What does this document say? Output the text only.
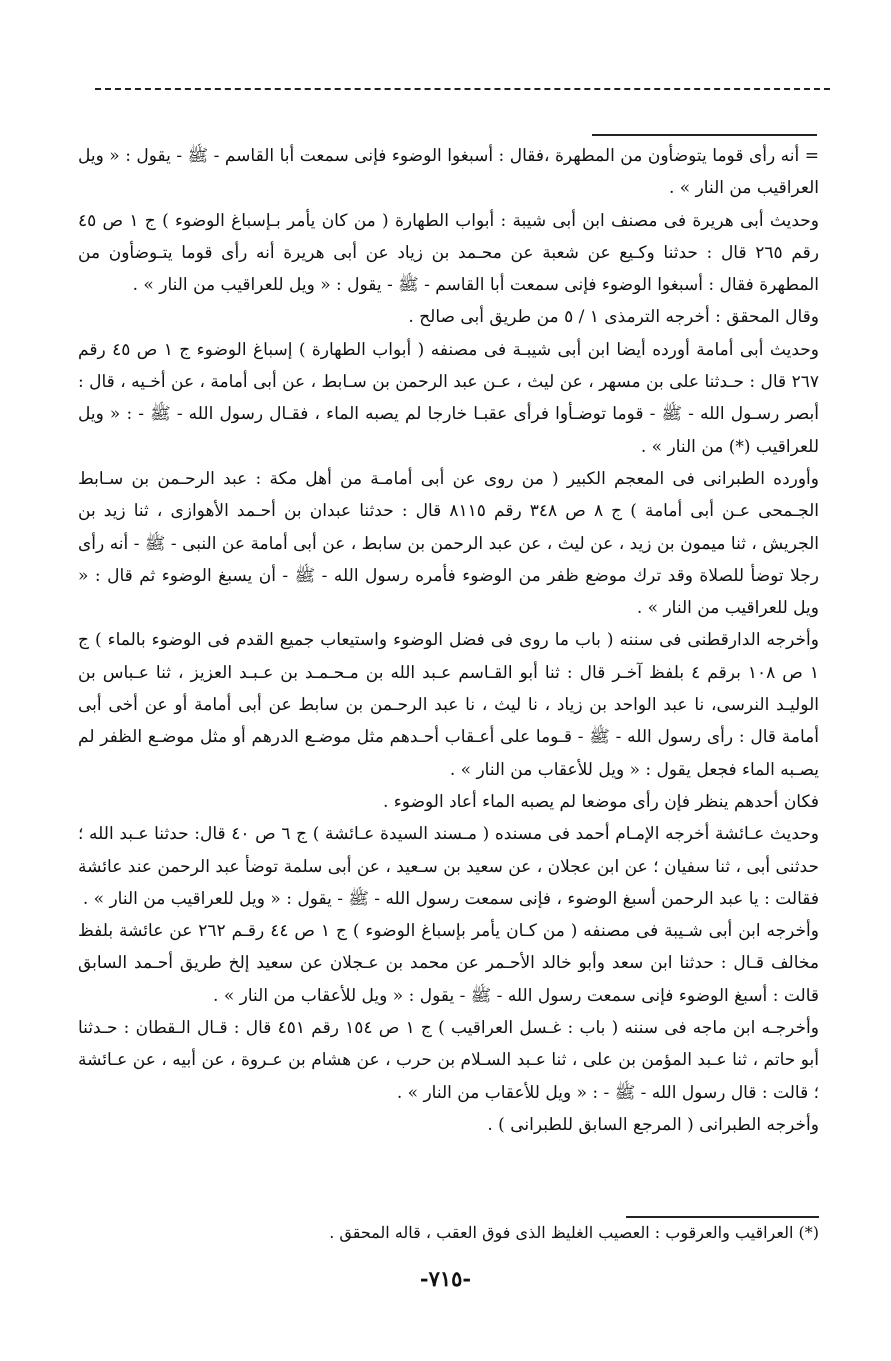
= أنه رأى قوما يتوضأون من المطهرة ،فقال : أسبغوا الوضوء فإنى سمعت أبا القاسم - ﷺ - يقول : « ويل العراقيب من النار » .

وحديث أبى هريرة فى مصنف ابن أبى شيبة : أبواب الطهارة ( من كان يأمر بـإسباغ الوضوء ) ج ١ ص ٤٥ رقم ٢٦٥ قال : حدثنا وكـيع عن شعبة عن محـمد بن زياد عن أبى هريرة أنه رأى قوما يتـوضأون من المطهرة فقال : أسبغوا الوضوء فإنى سمعت أبا القاسم - ﷺ - يقول : « ويل للعراقيب من النار » .

وقال المحقق : أخرجه الترمذى ١ / ٥ من طريق أبى صالح .

وحديث أبى أمامة أورده أيضا ابن أبى شيبـة فى مصنفه ( أبواب الطهارة ) إسباغ الوضوء ج ١ ص ٤٥ رقم ٢٦٧ قال : حـدثنا على بن مسهر ، عن ليث ، عـن عبد الرحمن بن سـابط ، عن أبى أمامة ، عن أخـيه ، قال : أبصر رسـول الله - ﷺ - قوما توضـأوا فرأى عقبـا خارجا لم يصبه الماء ، فقـال رسول الله - ﷺ - : « ويل للعراقيب (*) من النار » .

وأورده الطبرانى فى المعجم الكبير ( من روى عن أبى أمامـة من أهل مكة : عبد الرحـمن بن سـابط الجـمحى عـن أبى أمامة ) ج ٨ ص ٣٤٨ رقم ٨١١٥ قال : حدثنا عبدان بن أحـمد الأهوازى ، ثنا زيد بن الجريش ، ثنا ميمون بن زيد ، عن ليث ، عن عبد الرحمن بن سابط ، عن أبى أمامة عن النبى - ﷺ - أنه رأى رجلا توضأ للصلاة وقد ترك موضع ظفر من الوضوء فأمره رسول الله - ﷺ - أن يسبغ الوضوء ثم قال : « ويل للعراقيب من النار » .

وأخرجه الدارقطنى فى سننه ( باب ما روى فى فضل الوضوء واستيعاب جميع القدم فى الوضوء بالماء ) ج ١ ص ١٠٨ برقم ٤ بلفظ آخـر قال : ثنا أبو القـاسم عـبد الله بن مـحـمـد بن عـبـد العزيز ، ثنا عـباس بن الوليـد النرسى، نا عبد الواحد بن زياد ، نا ليث ، نا عبد الرحـمن بن سابط عن أبى أمامة أو عن أخى أبى أمامة قال : رأى رسول الله - ﷺ - قـوما على أعـقاب أحـدهم مثل موضـع الدرهم أو مثل موضـع الظفر لم يصـبه الماء فجعل يقول : « ويل للأعقاب من النار » .

فكان أحدهم ينظر فإن رأى موضعا لم يصبه الماء أعاد الوضوء .

وحديث عـائشة أخرجه الإمـام أحمد فى مسنده ( مـسند السيدة عـائشة ) ج ٦ ص ٤٠ قال: حدثنا عـبد الله ؛ حدثنى أبى ، ثنا سفيان ؛ عن ابن عجلان ، عن سعيد بن سـعيد ، عن أبى سلمة توضأ عبد الرحمن عند عائشة فقالت : يا عبد الرحمن أسبغ الوضوء ، فإنى سمعت رسول الله - ﷺ - يقول : « ويل للعراقيب من النار » .

وأخرجه ابن أبى شـيبة فى مصنفه ( من كـان يأمر بإسباغ الوضوء ) ج ١ ص ٤٤ رقـم ٢٦٢ عن عائشة بلفظ مخالف قـال : حدثنا ابن سعد وأبو خالد الأحـمر عن محمد بن عـجلان عن سعيد إلخ طريق أحـمد السابق قالت : أسبغ الوضوء فإنى سمعت رسول الله - ﷺ - يقول : « ويل للأعقاب من النار » .

وأخرجـه ابن ماجه فى سننه ( باب : غـسل العراقيب ) ج ١ ص ١٥٤ رقم ٤٥١ قال : قـال الـقطان : حـدثنا أبو حاتم ، ثنا عـبد المؤمن بن على ، ثنا عـبد السـلام بن حرب ، عن هشام بن عـروة ، عن أبيه ، عن عـائشة ؛ قالت : قال رسول الله - ﷺ - : « ويل للأعقاب من النار » .

وأخرجه الطبرانى ( المرجع السابق للطبرانى ) .

(*) العراقيب والعرقوب : العصيب الغليظ الذى فوق العقب ، قاله المحقق .

-٧١٥-
